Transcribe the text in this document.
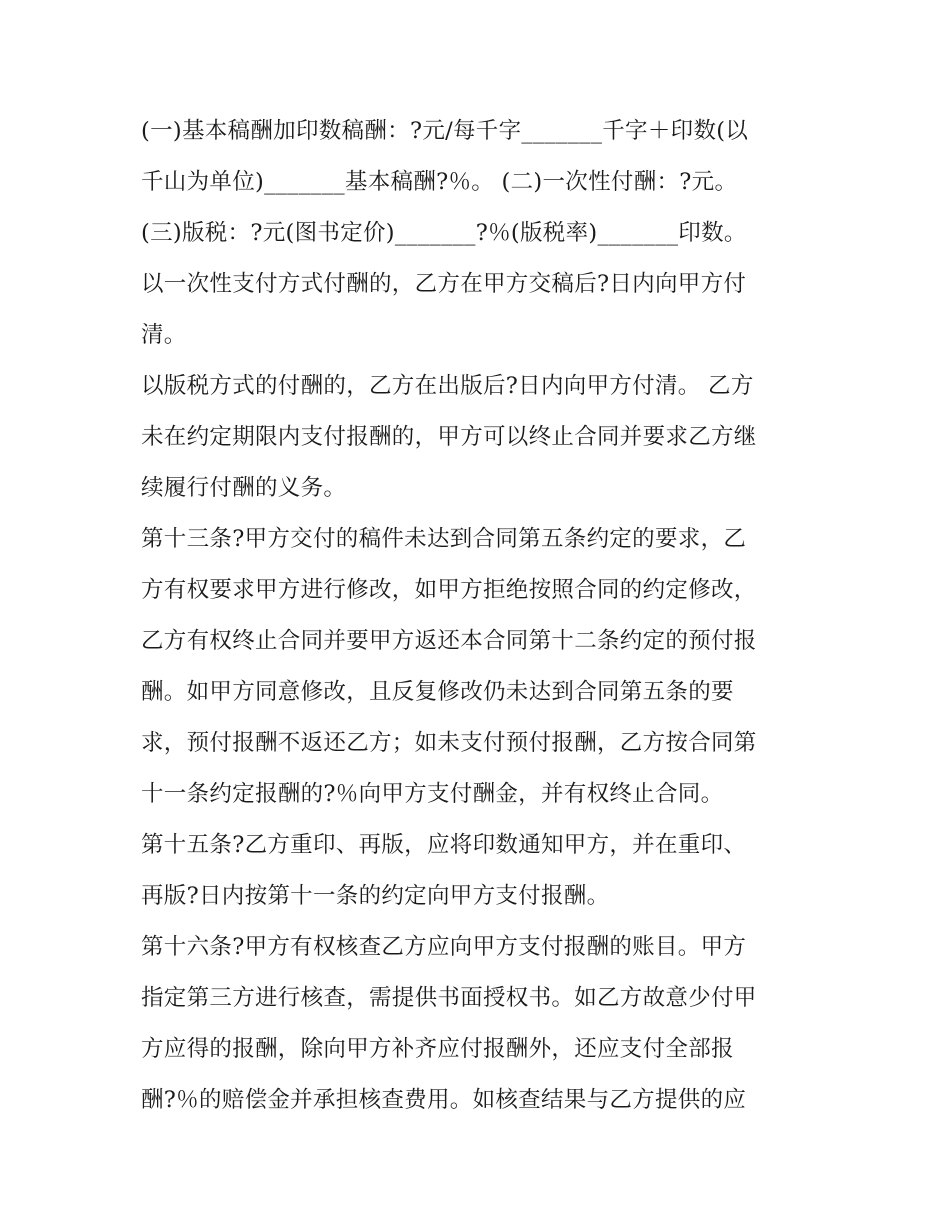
(一)基本稿酬加印数稿酬：?元/每千字_______千字＋印数(以
千山为单位)_______基本稿酬?％。 (二)一次性付酬：?元。
(三)版税：?元(图书定价)_______?％(版税率)_______印数。
以一次性支付方式付酬的，乙方在甲方交稿后?日内向甲方付
清。
以版税方式的付酬的，乙方在出版后?日内向甲方付清。 乙方
未在约定期限内支付报酬的，甲方可以终止合同并要求乙方继
续履行付酬的义务。
第十三条?甲方交付的稿件未达到合同第五条约定的要求，乙
方有权要求甲方进行修改，如甲方拒绝按照合同的约定修改，
乙方有权终止合同并要甲方返还本合同第十二条约定的预付报
酬。如甲方同意修改，且反复修改仍未达到合同第五条的要
求，预付报酬不返还乙方；如未支付预付报酬，乙方按合同第
十一条约定报酬的?％向甲方支付酬金，并有权终止合同。
第十五条?乙方重印、再版，应将印数通知甲方，并在重印、
再版?日内按第十一条的约定向甲方支付报酬。
第十六条?甲方有权核查乙方应向甲方支付报酬的账目。甲方
指定第三方进行核查，需提供书面授权书。如乙方故意少付甲
方应得的报酬，除向甲方补齐应付报酬外，还应支付全部报
酬?％的赔偿金并承担核查费用。如核查结果与乙方提供的应
